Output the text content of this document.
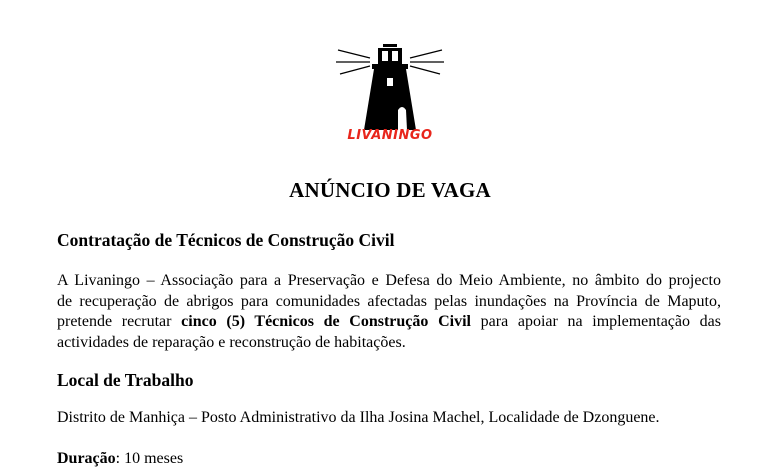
LIVANINGO
ANÚNCIO DE VAGA
Contratação de Técnicos de Construção Civil
A Livaningo – Associação para a Preservação e Defesa do Meio Ambiente, no âmbito do projecto
de recuperação de abrigos para comunidades afectadas pelas inundações na Província de Maputo,
pretende recrutar cinco (5) Técnicos de Construção Civil para apoiar na implementação das
actividades de reparação e reconstrução de habitações.
Local de Trabalho
Distrito de Manhiça – Posto Administrativo da Ilha Josina Machel, Localidade de Dzonguene.
Duração: 10 meses
